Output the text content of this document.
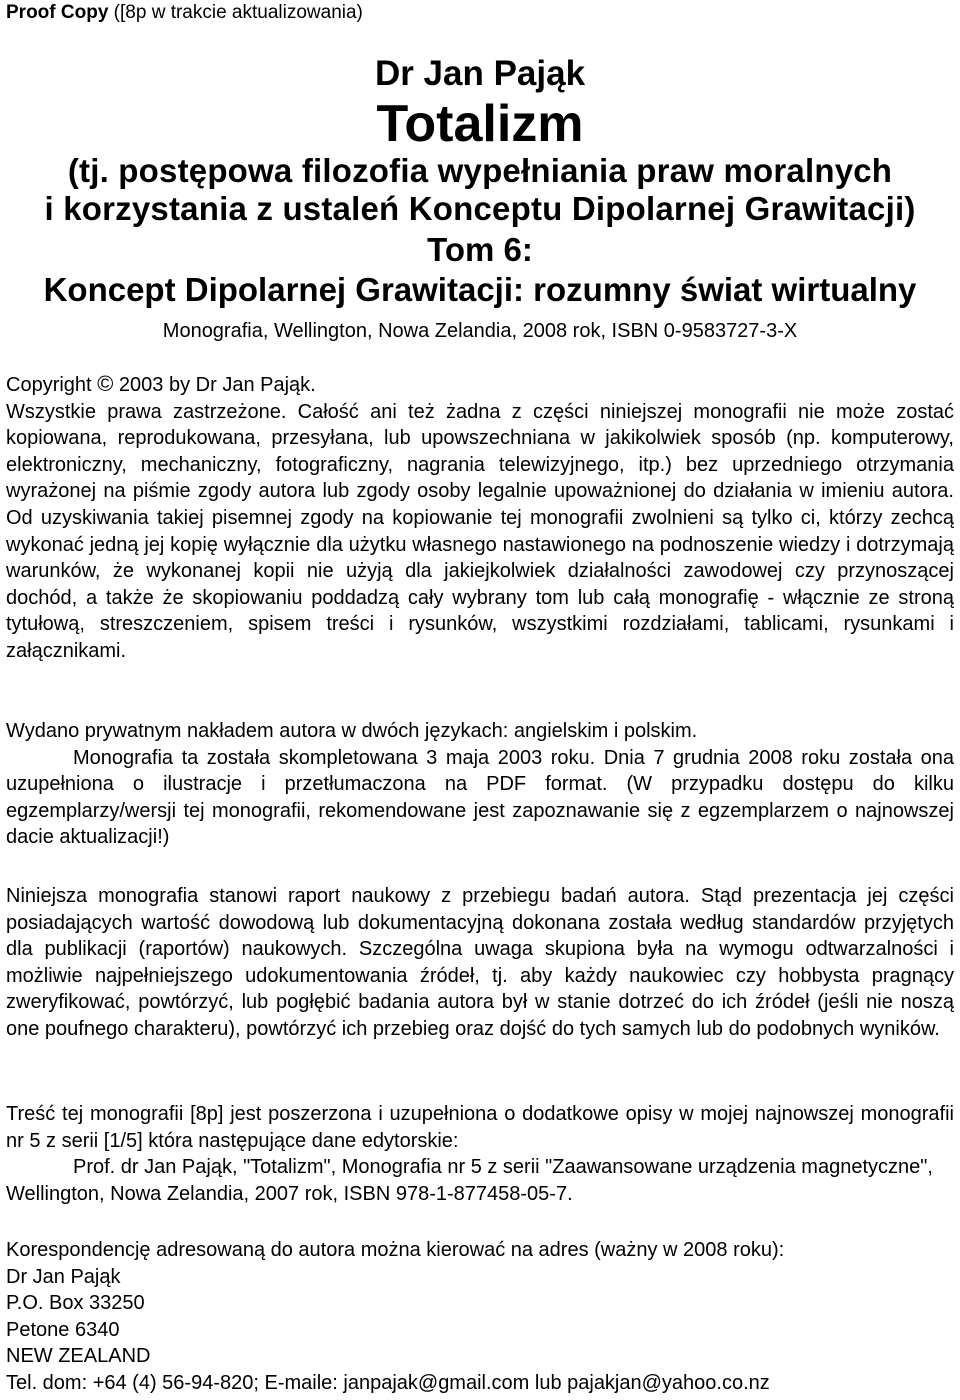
Proof Copy ([8p w trakcie aktualizowania)
Dr Jan Pająk
Totalizm
(tj. postępowa filozofia wypełniania praw moralnych
i korzystania z ustaleń Konceptu Dipolarnej Grawitacji)
Tom 6:
Koncept Dipolarnej Grawitacji: rozumny świat wirtualny
Monografia, Wellington, Nowa Zelandia, 2008 rok, ISBN 0-9583727-3-X

Copyright © 2003 by Dr Jan Pająk.

Wszystkie prawa zastrzeżone. Całość ani też żadna z części niniejszej monografii nie może zostać kopiowana, reprodukowana, przesyłana, lub upowszechniana w jakikolwiek sposób (np. komputerowy, elektroniczny, mechaniczny, fotograficzny, nagrania telewizyjnego, itp.) bez uprzedniego otrzymania wyrażonej na piśmie zgody autora lub zgody osoby legalnie upoważnionej do działania w imieniu autora. Od uzyskiwania takiej pisemnej zgody na kopiowanie tej monografii zwolnieni są tylko ci, którzy zechcą wykonać jedną jej kopię wyłącznie dla użytku własnego nastawionego na podnoszenie wiedzy i dotrzymają warunków, że wykonanej kopii nie użyją dla jakiejkolwiek działalności zawodowej czy przynoszącej dochód, a także że skopiowaniu poddadzą cały wybrany tom lub całą monografię - włącznie ze stroną tytułową, streszczeniem, spisem treści i rysunków, wszystkimi rozdziałami, tablicami, rysunkami i załącznikami.

Wydano prywatnym nakładem autora w dwóch językach: angielskim i polskim.

Monografia ta została skompletowana 3 maja 2003 roku. Dnia 7 grudnia 2008 roku została ona uzupełniona o ilustracje i przetłumaczona na PDF format. (W przypadku dostępu do kilku egzemplarzy/wersji tej monografii, rekomendowane jest zapoznawanie się z egzemplarzem o najnowszej dacie aktualizacji!)

Niniejsza monografia stanowi raport naukowy z przebiegu badań autora. Stąd prezentacja jej części posiadających wartość dowodową lub dokumentacyjną dokonana została według standardów przyjętych dla publikacji (raportów) naukowych. Szczególna uwaga skupiona była na wymogu odtwarzalności i możliwie najpełniejszego udokumentowania źródeł, tj. aby każdy naukowiec czy hobbysta pragnący zweryfikować, powtórzyć, lub pogłębić badania autora był w stanie dotrzeć do ich źródeł (jeśli nie noszą one poufnego charakteru), powtórzyć ich przebieg oraz dojść do tych samych lub do podobnych wyników.

Treść tej monografii [8p] jest poszerzona i uzupełniona o dodatkowe opisy w mojej najnowszej monografii nr 5 z serii [1/5] która następujące dane edytorskie:

Prof. dr Jan Pająk, "Totalizm", Monografia nr 5 z serii "Zaawansowane urządzenia magnetyczne", Wellington, Nowa Zelandia, 2007 rok, ISBN 978-1-877458-05-7.

Korespondencję adresowaną do autora można kierować na adres (ważny w 2008 roku):

Dr Jan Pająk

P.O. Box 33250

Petone 6340

NEW ZEALAND

Tel. dom: +64 (4) 56-94-820; E-maile: janpajak@gmail.com lub pajakjan@yahoo.co.nz
